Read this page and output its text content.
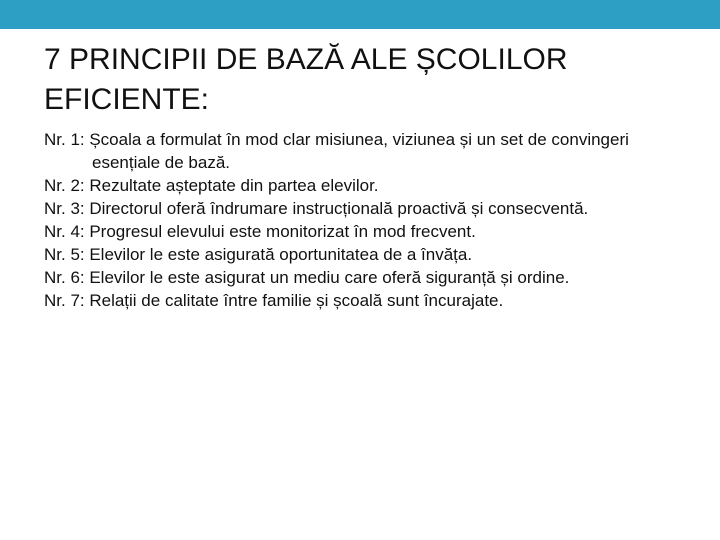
7 PRINCIPII DE BAZĂ ALE ȘCOLILOR
EFICIENTE:
Nr. 1: Școala a formulat în mod clar misiunea, viziunea și un set de convingeri esențiale de bază.
Nr. 2: Rezultate așteptate din partea elevilor.
Nr. 3: Directorul oferă îndrumare instrucțională proactivă și consecventă.
Nr. 4: Progresul elevului este monitorizat în mod frecvent.
Nr. 5: Elevilor le este asigurată oportunitatea de a învăța.
Nr. 6: Elevilor le este asigurat un mediu care oferă siguranță și ordine.
Nr. 7: Relații de calitate între familie și școală sunt încurajate.
